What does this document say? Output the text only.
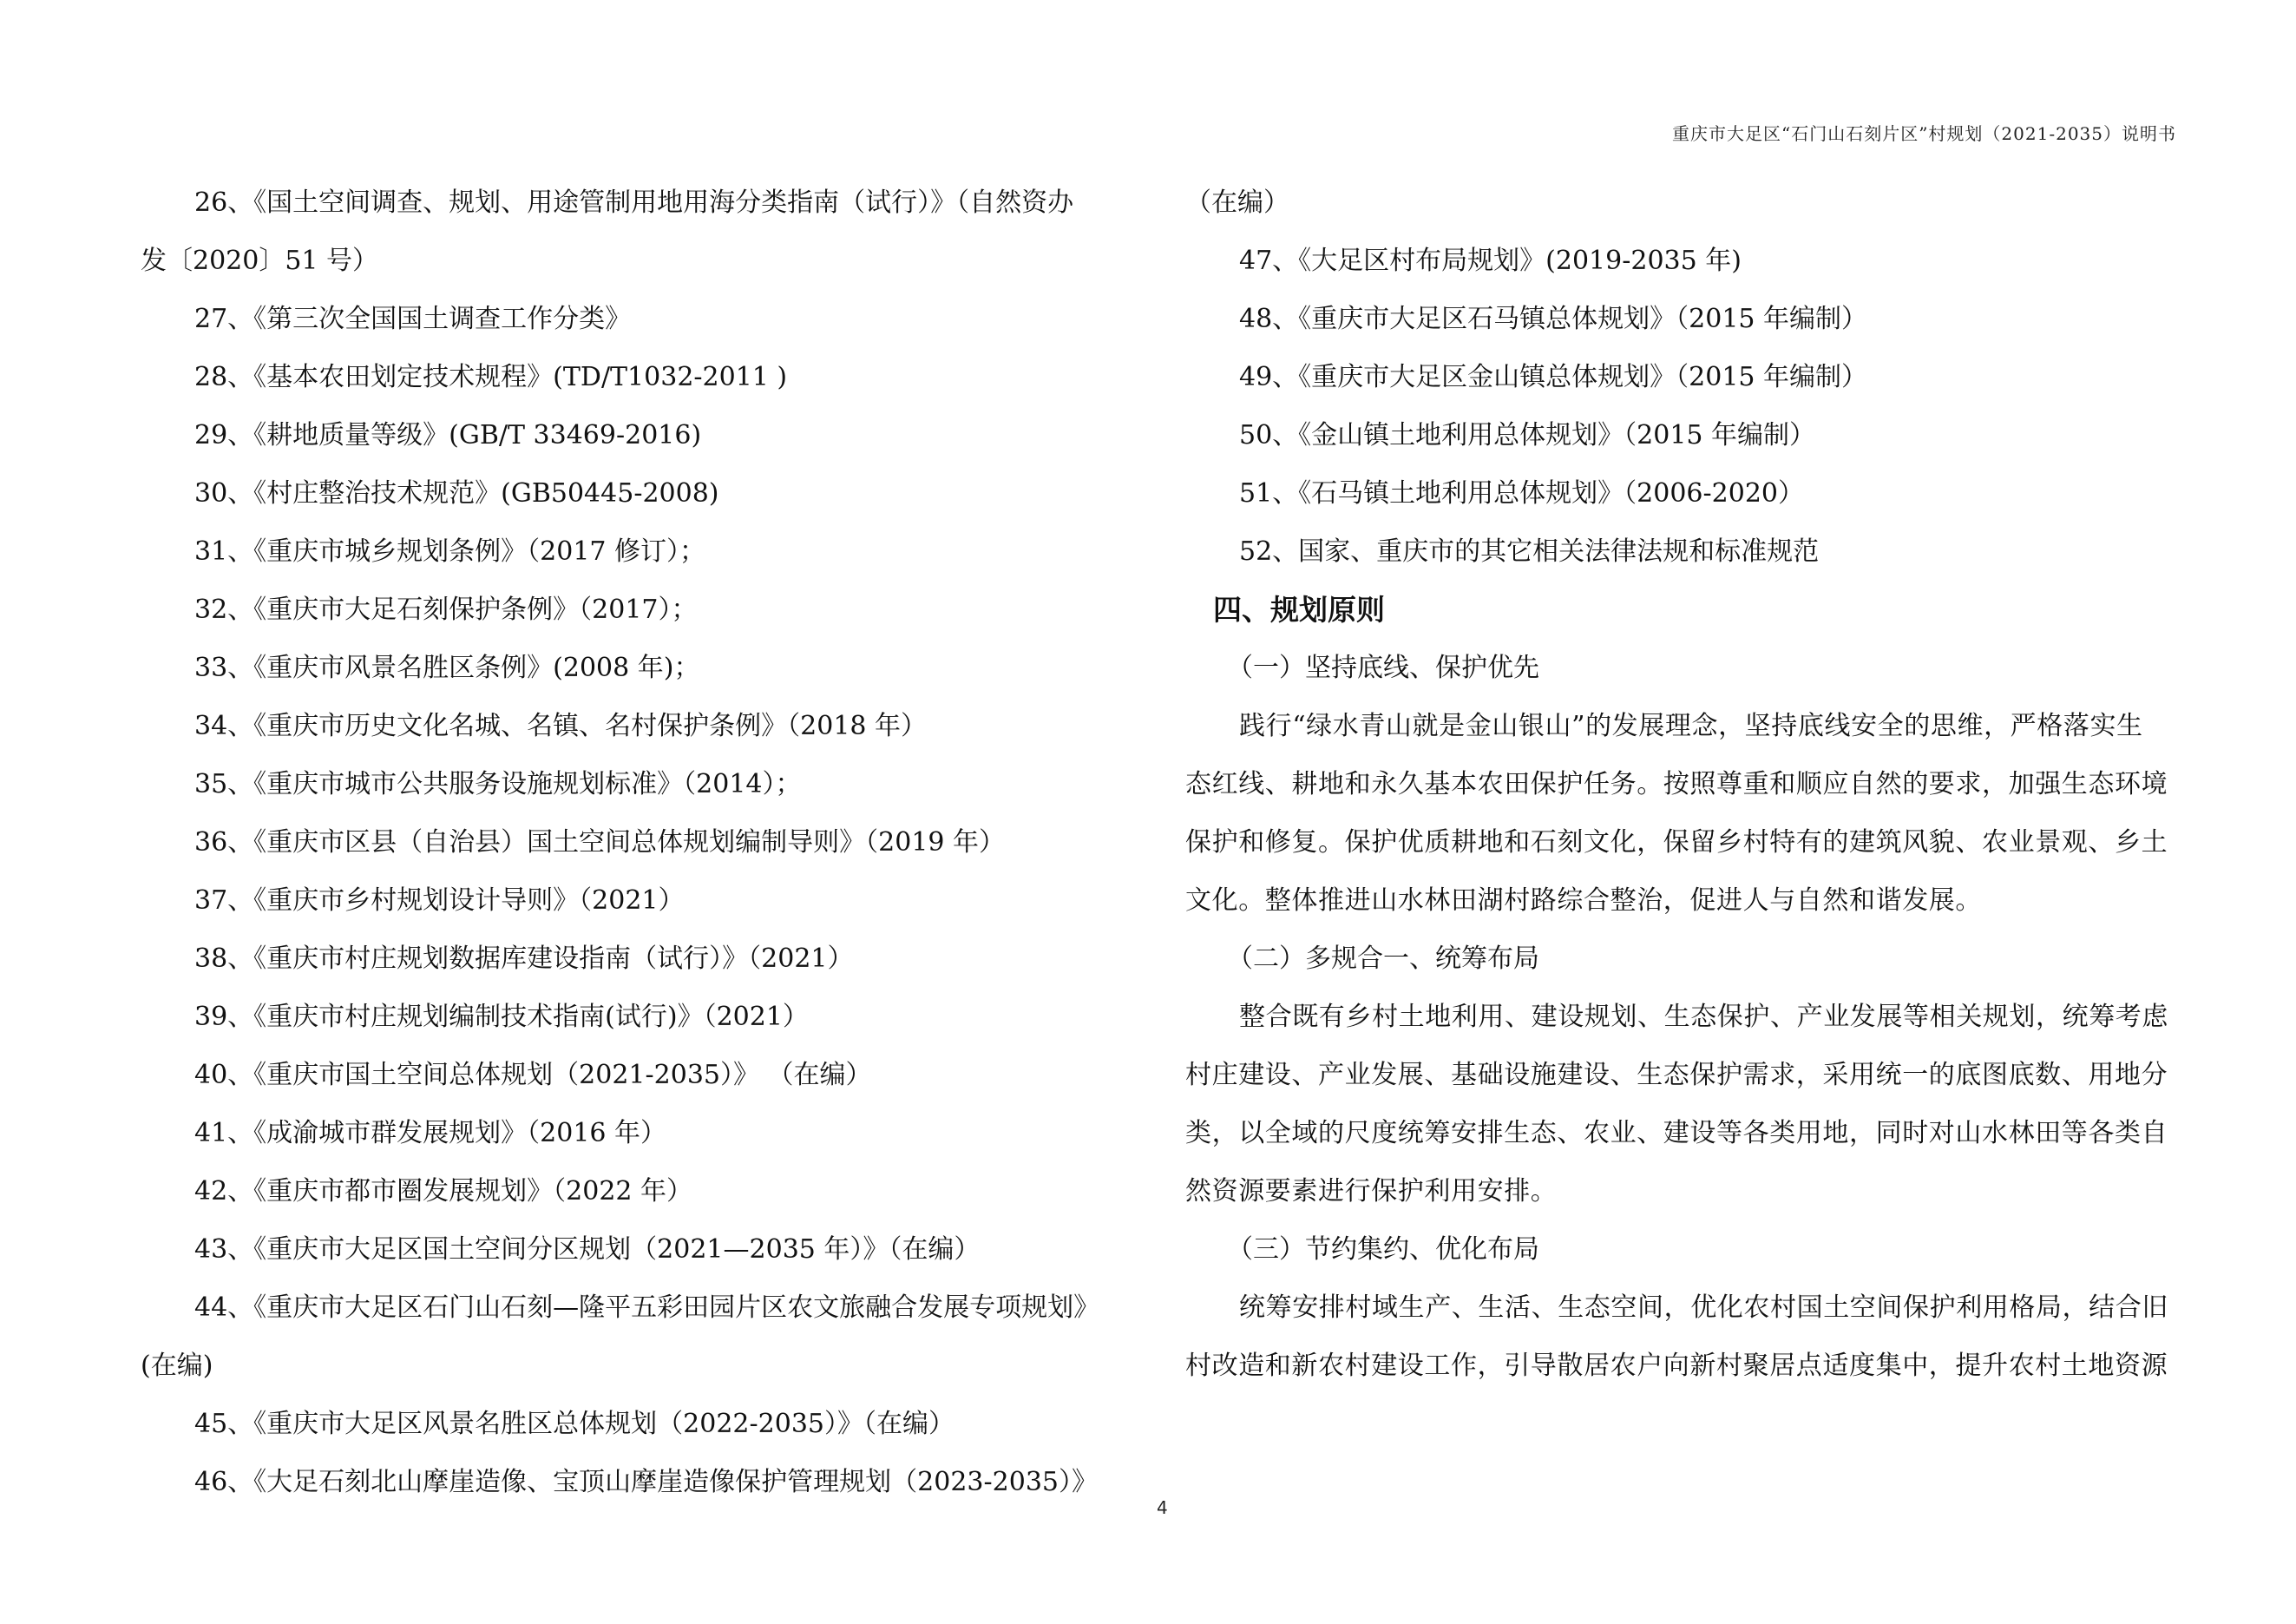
重庆市大足区“石门山石刻片区”村规划（2021-2035）说明书
26、《国土空间调查、规划、用途管制用地用海分类指南（试行）》（自然资办
发〔2020〕51 号）
27、《第三次全国国土调查工作分类》
28、《基本农田划定技术规程》(TD/T1032-2011 )
29、《耕地质量等级》(GB/T 33469-2016)
30、《村庄整治技术规范》(GB50445-2008)
31、《重庆市城乡规划条例》（2017 修订）；
32、《重庆市大足石刻保护条例》（2017）；
33、《重庆市风景名胜区条例》(2008 年)；
34、《重庆市历史文化名城、名镇、名村保护条例》（2018 年）
35、《重庆市城市公共服务设施规划标准》（2014）；
36、《重庆市区县（自治县）国土空间总体规划编制导则》（2019 年）
37、《重庆市乡村规划设计导则》（2021）
38、《重庆市村庄规划数据库建设指南（试行）》（2021）
39、《重庆市村庄规划编制技术指南(试行)》（2021）
40、《重庆市国土空间总体规划（2021-2035）》 （在编）
41、《成渝城市群发展规划》（2016 年）
42、《重庆市都市圈发展规划》（2022 年）
43、《重庆市大足区国土空间分区规划（2021—2035 年）》（在编）
44、《重庆市大足区石门山石刻—隆平五彩田园片区农文旅融合发展专项规划》
(在编)
45、《重庆市大足区风景名胜区总体规划（2022-2035）》（在编）
46、《大足石刻北山摩崖造像、宝顶山摩崖造像保护管理规划（2023-2035）》
（在编）
47、《大足区村布局规划》(2019-2035 年)
48、《重庆市大足区石马镇总体规划》（2015 年编制）
49、《重庆市大足区金山镇总体规划》（2015 年编制）
50、《金山镇土地利用总体规划》（2015 年编制）
51、《石马镇土地利用总体规划》（2006-2020）
52、国家、重庆市的其它相关法律法规和标准规范
四、规划原则
（一）坚持底线、保护优先
践行“绿水青山就是金山银山”的发展理念，坚持底线安全的思维，严格落实生
态红线、耕地和永久基本农田保护任务。按照尊重和顺应自然的要求，加强生态环境
保护和修复。保护优质耕地和石刻文化，保留乡村特有的建筑风貌、农业景观、乡土
文化。整体推进山水林田湖村路综合整治，促进人与自然和谐发展。
（二）多规合一、统筹布局
整合既有乡村土地利用、建设规划、生态保护、产业发展等相关规划，统筹考虑
村庄建设、产业发展、基础设施建设、生态保护需求，采用统一的底图底数、用地分
类，以全域的尺度统筹安排生态、农业、建设等各类用地，同时对山水林田等各类自
然资源要素进行保护利用安排。
（三）节约集约、优化布局
统筹安排村域生产、生活、生态空间，优化农村国土空间保护利用格局，结合旧
村改造和新农村建设工作，引导散居农户向新村聚居点适度集中，提升农村土地资源
4
